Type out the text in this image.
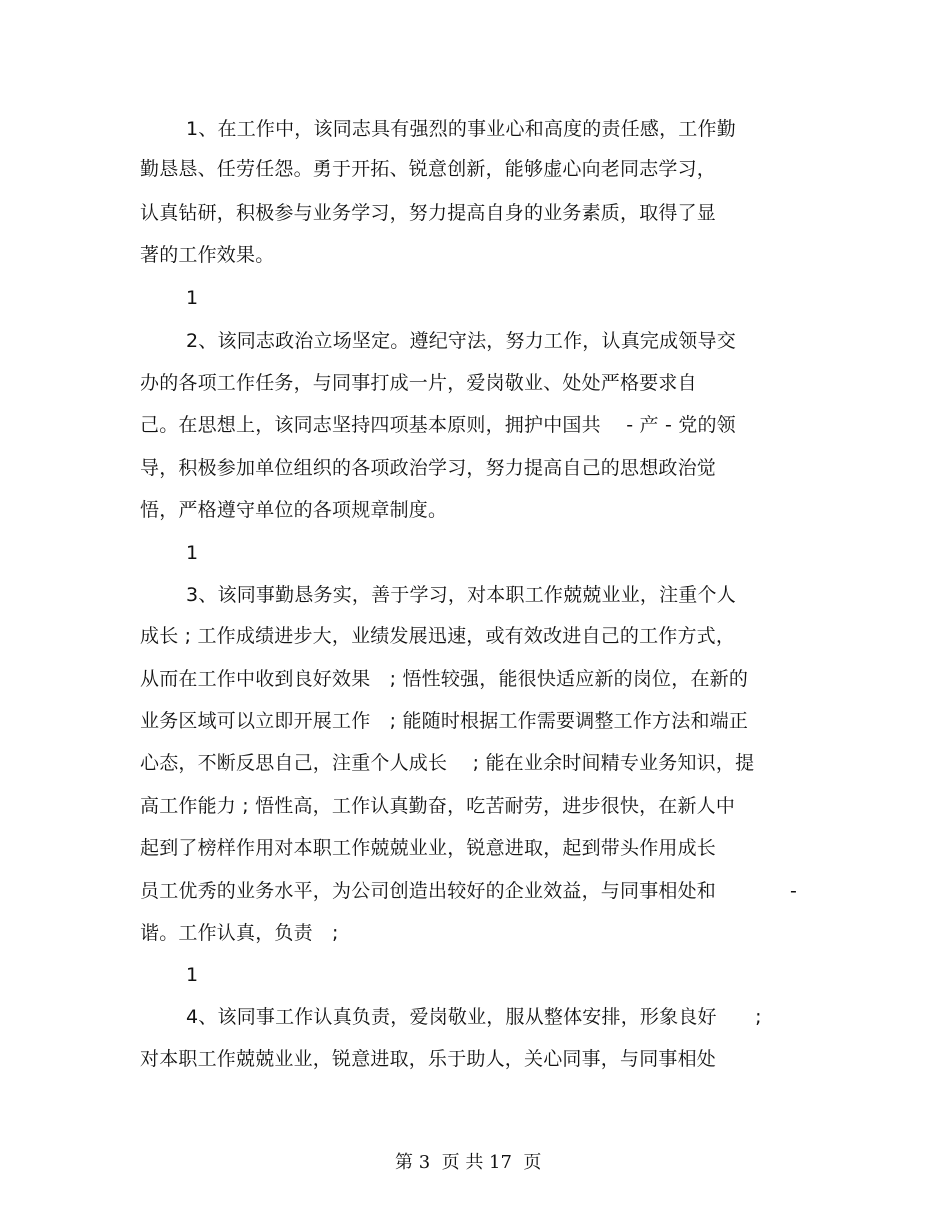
1、在工作中，该同志具有强烈的事业心和高度的责任感，工作勤
勤恳恳、任劳任怨。勇于开拓、锐意创新，能够虚心向老同志学习，
认真钻研，积极参与业务学习，努力提高自身的业务素质，取得了显
著的工作效果。
1
2、该同志政治立场坚定。遵纪守法，努力工作，认真完成领导交
办的各项工作任务，与同事打成一片，爱岗敬业、处处严格要求自
己。在思想上，该同志坚持四项基本原则，拥护中国共　 - 产 - 党的领
导，积极参加单位组织的各项政治学习，努力提高自己的思想政治觉
悟，严格遵守单位的各项规章制度。
1
3、该同事勤恳务实，善于学习，对本职工作兢兢业业，注重个人
成长 ; 工作成绩进步大，业绩发展迅速，或有效改进自己的工作方式，
从而在工作中收到良好效果　; 悟性较强，能很快适应新的岗位，在新的
业务区域可以立即开展工作　; 能随时根据工作需要调整工作方法和端正
心态，不断反思自己，注重个人成长　 ; 能在业余时间精专业务知识，提
高工作能力 ; 悟性高，工作认真勤奋，吃苦耐劳，进步很快，在新人中
起到了榜样作用对本职工作兢兢业业，锐意进取，起到带头作用成长
员工优秀的业务水平，为公司创造出较好的企业效益，与同事相处和	-
谐。工作认真，负责　;
1
4、该同事工作认真负责，爱岗敬业，服从整体安排，形象良好　　;
对本职工作兢兢业业，锐意进取，乐于助人，关心同事，与同事相处
第 3  页 共 17  页
